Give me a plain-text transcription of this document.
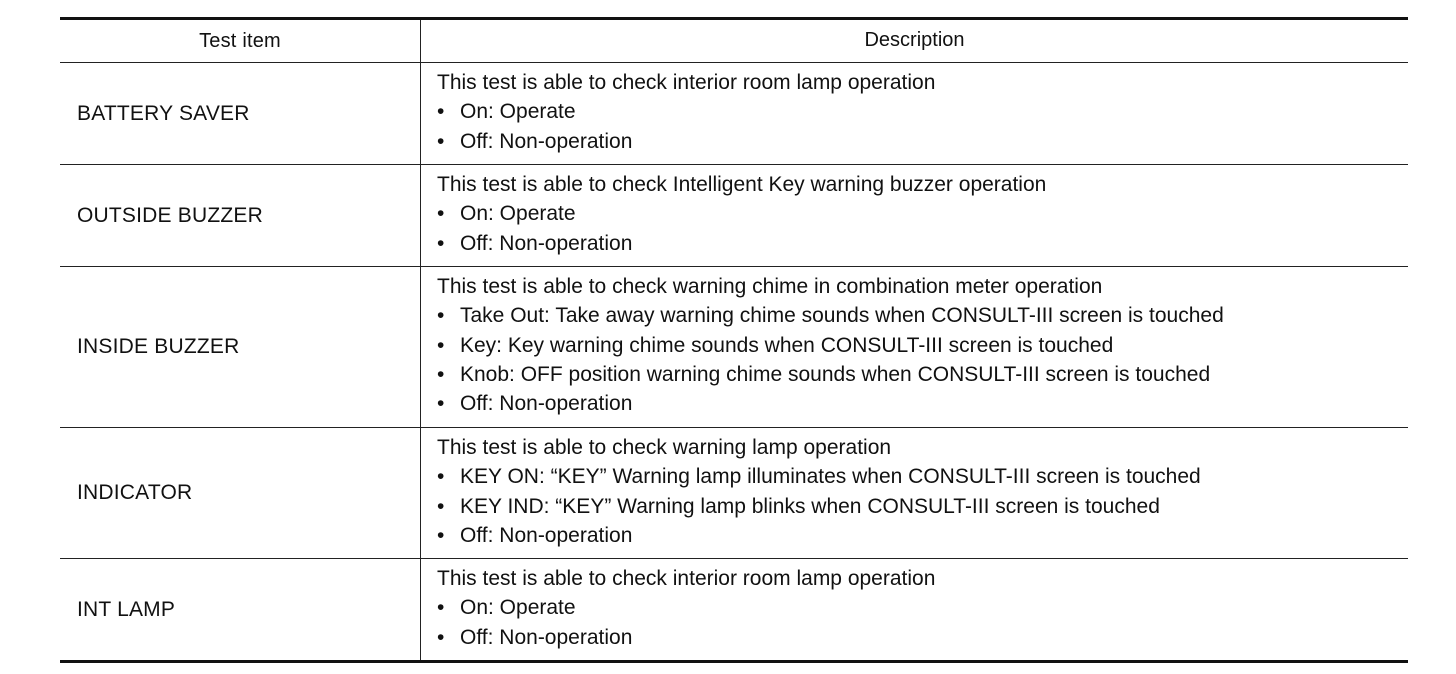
Test item	Description
BATTERY SAVER
This test is able to check interior room lamp operation
• On: Operate
• Off: Non-operation
OUTSIDE BUZZER
This test is able to check Intelligent Key warning buzzer operation
• On: Operate
• Off: Non-operation
INSIDE BUZZER
This test is able to check warning chime in combination meter operation
• Take Out: Take away warning chime sounds when CONSULT-III screen is touched
• Key: Key warning chime sounds when CONSULT-III screen is touched
• Knob: OFF position warning chime sounds when CONSULT-III screen is touched
• Off: Non-operation
INDICATOR
This test is able to check warning lamp operation
• KEY ON: “KEY” Warning lamp illuminates when CONSULT-III screen is touched
• KEY IND: “KEY” Warning lamp blinks when CONSULT-III screen is touched
• Off: Non-operation
INT LAMP
This test is able to check interior room lamp operation
• On: Operate
• Off: Non-operation
